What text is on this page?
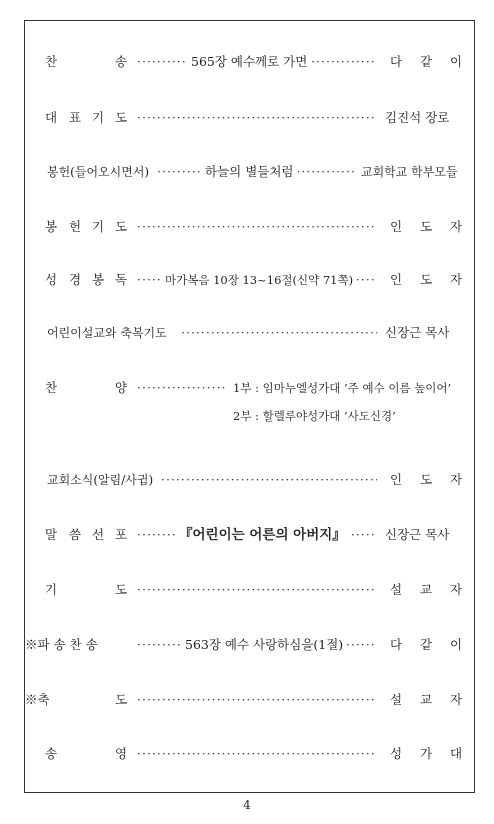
찬	송 ·····	565장 예수께로 가면	다	같	이
대 표 기 도 ·····	김진석 장로
봉헌(들어오시면서) ·····	하늘의 별들처럼	교회학교 학부모들
봉 헌 기 도 ·····	인	도	자
성 경 봉 독 ·····	마가복음 10장 13~16절(신약 71쪽)	인	도	자
어린이설교와 축복기도 ·····	신장근 목사
찬	양 ·····	1부 : 임마누엘성가대 ‘주 예수 이름 높이어’
2부 : 할렐루야성가대 ‘사도신경’
교회소식(알림/사귐) ·····	인	도	자
말 씀 선 포 ·····	『어린이는 어른의 아버지』	신장근 목사
기	도 ·····	설	교	자
※파 송 찬 송 ·····	563장 예수 사랑하심을(1절)	다	같	이
※축	도 ·····	설	교	자
송	영 ·····	성	가	대
4
